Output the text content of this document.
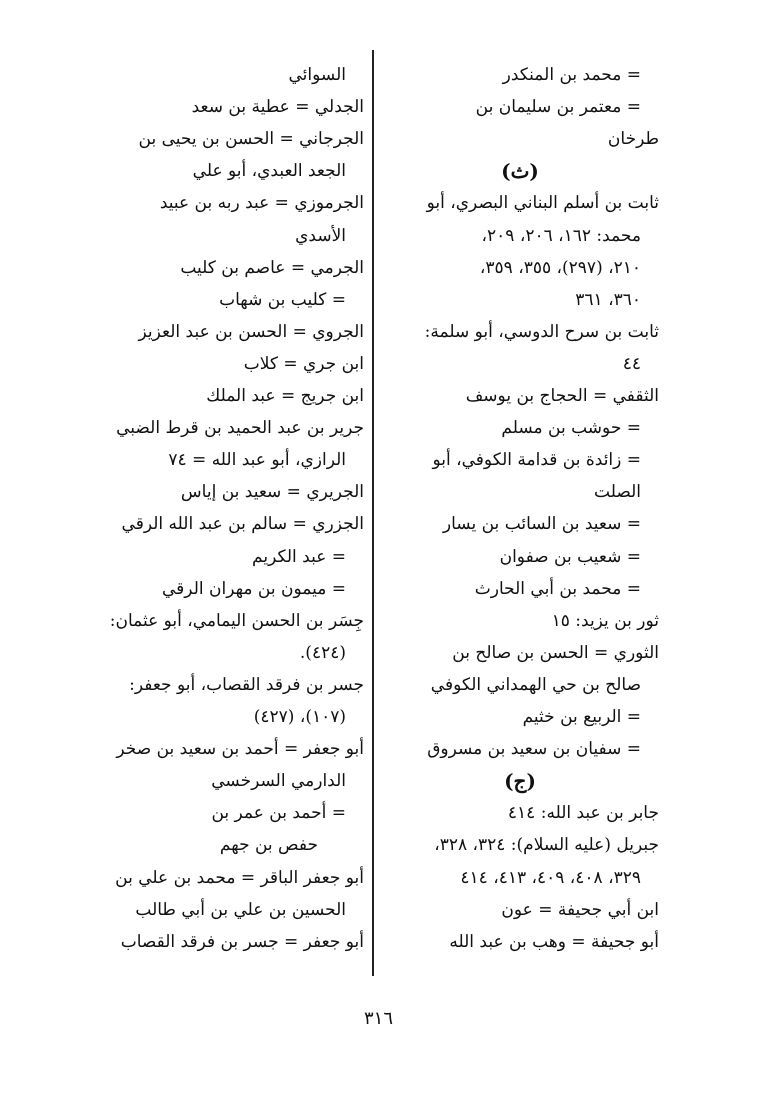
= محمد بن المنكدر
= معتمر بن سليمان بن
طرخان
(ث)
ثابت بن أسلم البناني البصري، أبو
محمد: ١٦٢، ٢٠٦، ٢٠٩،
٢١٠، (٢٩٧)، ٣٥٥، ٣٥٩،
٣٦٠، ٣٦١
ثابت بن سرح الدوسي، أبو سلمة:
٤٤
الثقفي = الحجاج بن يوسف
= حوشب بن مسلم
= زائدة بن قدامة الكوفي، أبو
الصلت
= سعيد بن السائب بن يسار
= شعيب بن صفوان
= محمد بن أبي الحارث
ثور بن يزيد: ١٥
الثوري = الحسن بن صالح بن
صالح بن حي الهمداني الكوفي
= الربيع بن خثيم
= سفيان بن سعيد بن مسروق
(ج)
جابر بن عبد الله: ٤١٤
جبريل (عليه السلام): ٣٢٤، ٣٢٨،
٣٢٩، ٤٠٨، ٤٠٩، ٤١٣، ٤١٤
ابن أبي جحيفة = عون
أبو جحيفة = وهب بن عبد الله
السوائي
الجدلي = عطية بن سعد
الجرجاني = الحسن بن يحيى بن
الجعد العبدي، أبو علي
الجرموزي = عبد ربه بن عبيد
الأسدي
الجرمي = عاصم بن كليب
= كليب بن شهاب
الجروي = الحسن بن عبد العزيز
ابن جري = كلاب
ابن جريج = عبد الملك
جرير بن عبد الحميد بن قرط الضبي
الرازي، أبو عبد الله = ٧٤
الجريري = سعيد بن إياس
الجزري = سالم بن عبد الله الرقي
= عبد الكريم
= ميمون بن مهران الرقي
جِسَر بن الحسن اليمامي، أبو عثمان:
(٤٢٤).
جسر بن فرقد القصاب، أبو جعفر:
(١٠٧)، (٤٢٧)
أبو جعفر = أحمد بن سعيد بن صخر
الدارمي السرخسي
= أحمد بن عمر بن
حفص بن جهم
أبو جعفر الباقر = محمد بن علي بن
الحسين بن علي بن أبي طالب
أبو جعفر = جسر بن فرقد القصاب
٣١٦
